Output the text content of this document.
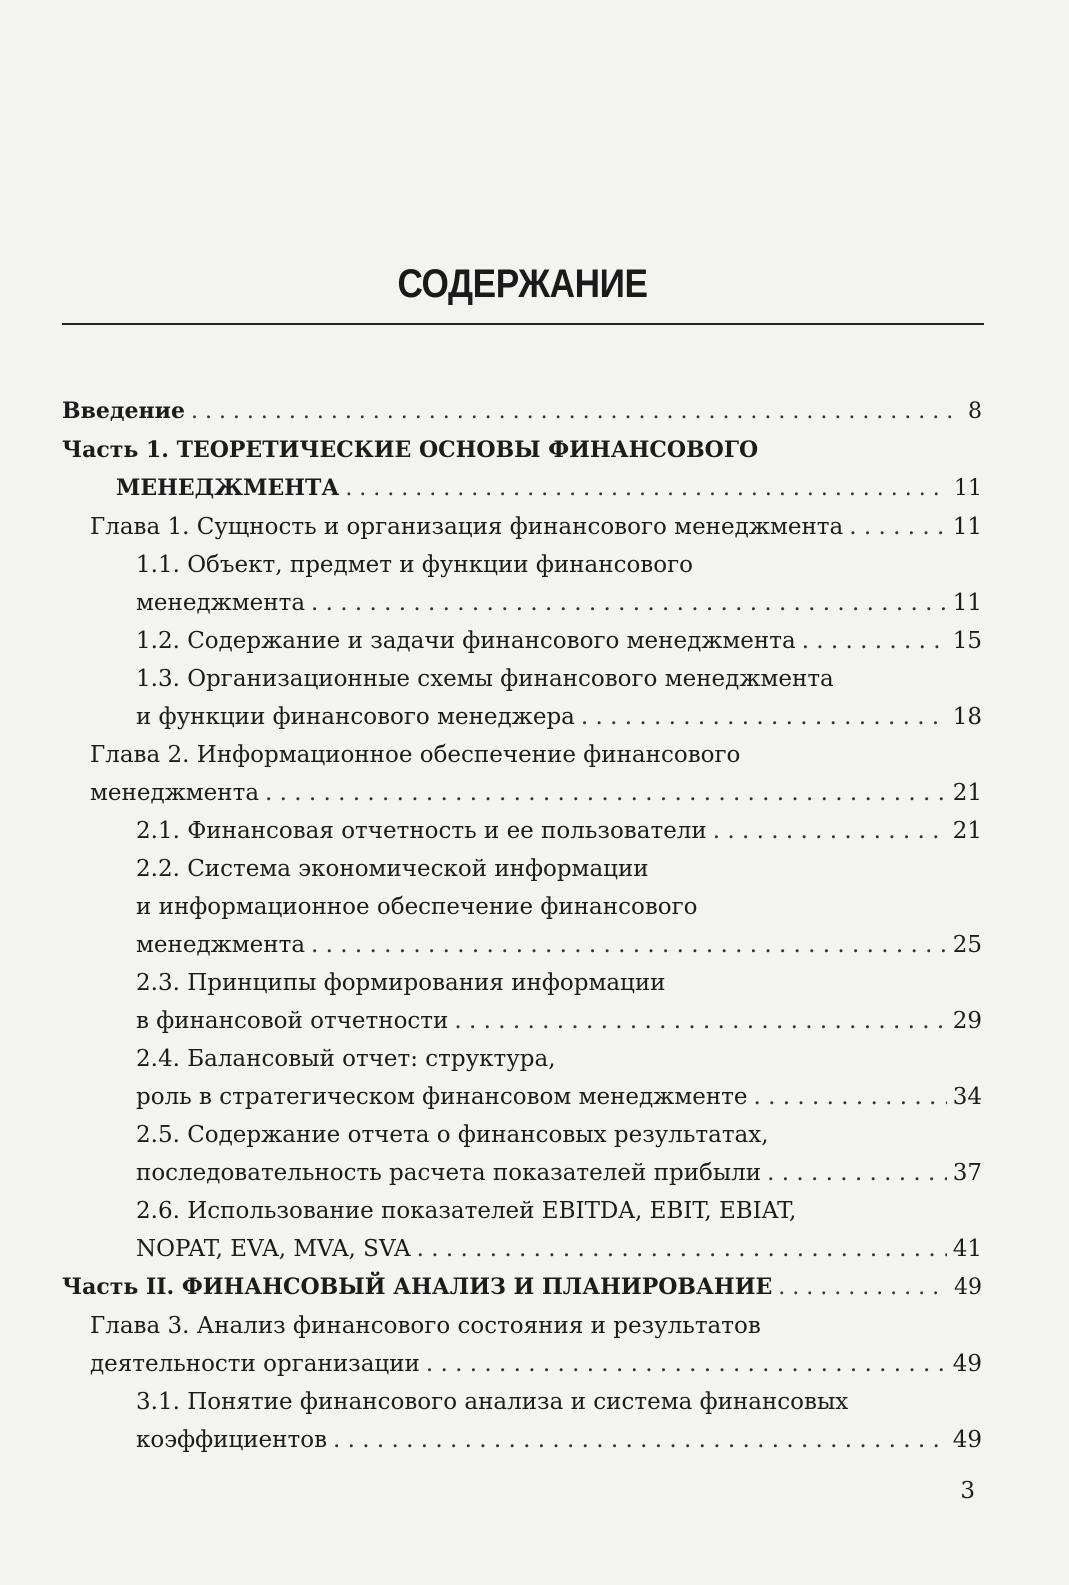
СОДЕРЖАНИЕ
Введение . . .	8
Часть 1. ТЕОРЕТИЧЕСКИЕ ОСНОВЫ ФИНАНСОВОГО
МЕНЕДЖМЕНТА . . .	11
Глава 1. Сущность и организация финансового менеджмента . . .	11
1.1. Объект, предмет и функции финансового
менеджмента . . .	11
1.2. Содержание и задачи финансового менеджмента . . .	15
1.3. Организационные схемы финансового менеджмента
и функции финансового менеджера . . .	18
Глава 2. Информационное обеспечение финансового
менеджмента . . .	21
2.1. Финансовая отчетность и ее пользователи . . .	21
2.2. Система экономической информации
и информационное обеспечение финансового
менеджмента . . .	25
2.3. Принципы формирования информации
в финансовой отчетности . . .	29
2.4. Балансовый отчет: структура,
роль в стратегическом финансовом менеджменте . . .	34
2.5. Содержание отчета о финансовых результатах,
последовательность расчета показателей прибыли . . .	37
2.6. Использование показателей EBITDA, EBIT, EBIAT,
NOPAT, EVA, MVA, SVA . . .	41
Часть II. ФИНАНСОВЫЙ АНАЛИЗ И ПЛАНИРОВАНИЕ . . .	49
Глава 3. Анализ финансового состояния и результатов
деятельности организации . . .	49
3.1. Понятие финансового анализа и система финансовых
коэффициентов . . .	49
3
